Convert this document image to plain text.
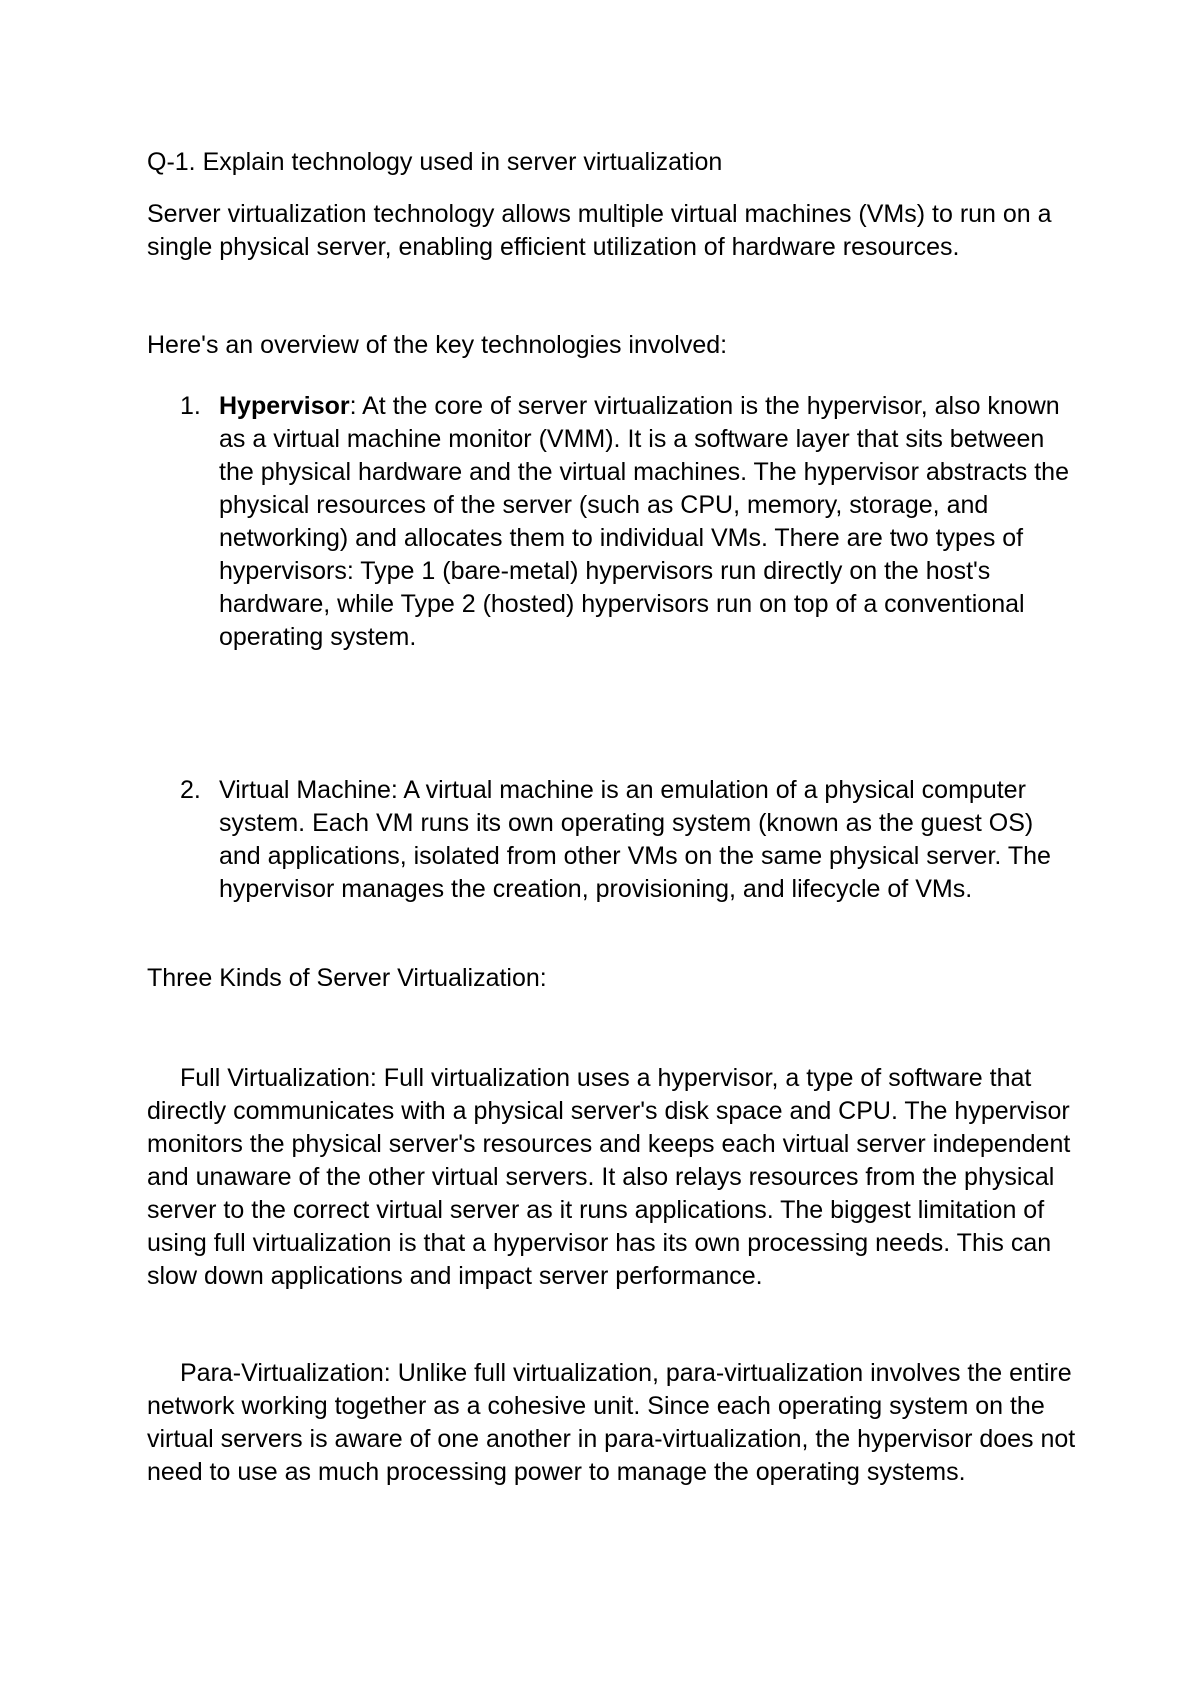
Q-1. Explain technology used in server virtualization

Server virtualization technology allows multiple virtual machines (VMs) to run on a single physical server, enabling efficient utilization of hardware resources.

Here's an overview of the key technologies involved:

1. Hypervisor: At the core of server virtualization is the hypervisor, also known as a virtual machine monitor (VMM). It is a software layer that sits between the physical hardware and the virtual machines. The hypervisor abstracts the physical resources of the server (such as CPU, memory, storage, and networking) and allocates them to individual VMs. There are two types of hypervisors: Type 1 (bare-metal) hypervisors run directly on the host's hardware, while Type 2 (hosted) hypervisors run on top of a conventional operating system.

2. Virtual Machine: A virtual machine is an emulation of a physical computer system. Each VM runs its own operating system (known as the guest OS) and applications, isolated from other VMs on the same physical server. The hypervisor manages the creation, provisioning, and lifecycle of VMs.

Three Kinds of Server Virtualization:

Full Virtualization: Full virtualization uses a hypervisor, a type of software that directly communicates with a physical server's disk space and CPU. The hypervisor monitors the physical server's resources and keeps each virtual server independent and unaware of the other virtual servers. It also relays resources from the physical server to the correct virtual server as it runs applications. The biggest limitation of using full virtualization is that a hypervisor has its own processing needs. This can slow down applications and impact server performance.

Para-Virtualization: Unlike full virtualization, para-virtualization involves the entire network working together as a cohesive unit. Since each operating system on the virtual servers is aware of one another in para-virtualization, the hypervisor does not need to use as much processing power to manage the operating systems.
